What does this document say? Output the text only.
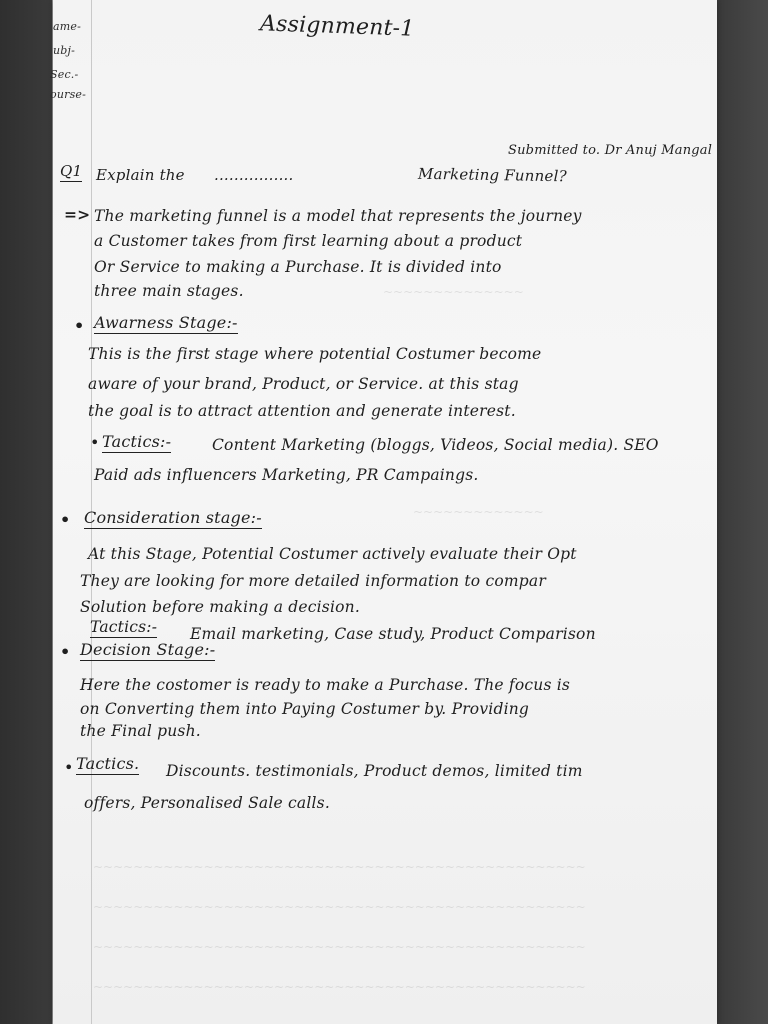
~~~~~~~~~~~~~~
~~~~~~~~~~~~~
~~~~~~~~~~~~~~~~~~~~~~~~~~~~~~~~~~~~~~~~~~~~~~~~~
~~~~~~~~~~~~~~~~~~~~~~~~~~~~~~~~~~~~~~~~~~~~~~~~~
~~~~~~~~~~~~~~~~~~~~~~~~~~~~~~~~~~~~~~~~~~~~~~~~~
~~~~~~~~~~~~~~~~~~~~~~~~~~~~~~~~~~~~~~~~~~~~~~~~~
ame-
ubj-
Sec.-
ourse-
Assignment-1
Submitted to. Dr Anuj Mangal
Q1 Explain the ................	Marketing Funnel?
=> The marketing funnel is a model that represents the journey
a Customer takes from first learning about a product
Or Service to making a Purchase. It is divided into
three main stages.
• Awarness Stage:-
This is the first stage where potential Costumer become
aware of your brand, Product, or Service. at this stag
the goal is to attract attention and generate interest.
• Tactics:-	Content Marketing (bloggs, Videos, Social media). SEO
Paid ads influencers Marketing, PR Campaings.
• Consideration stage:-
At this Stage, Potential Costumer actively evaluate their Opt
They are looking for more detailed information to compar
Solution before making a decision.
Tactics:- Email marketing, Case study, Product Comparison
• Decision Stage:-
Here the costomer is ready to make a Purchase. The focus is
on Converting them into Paying Costumer by. Providing
the Final push.
• Tactics. Discounts. testimonials, Product demos, limited tim
offers, Personalised Sale calls.
